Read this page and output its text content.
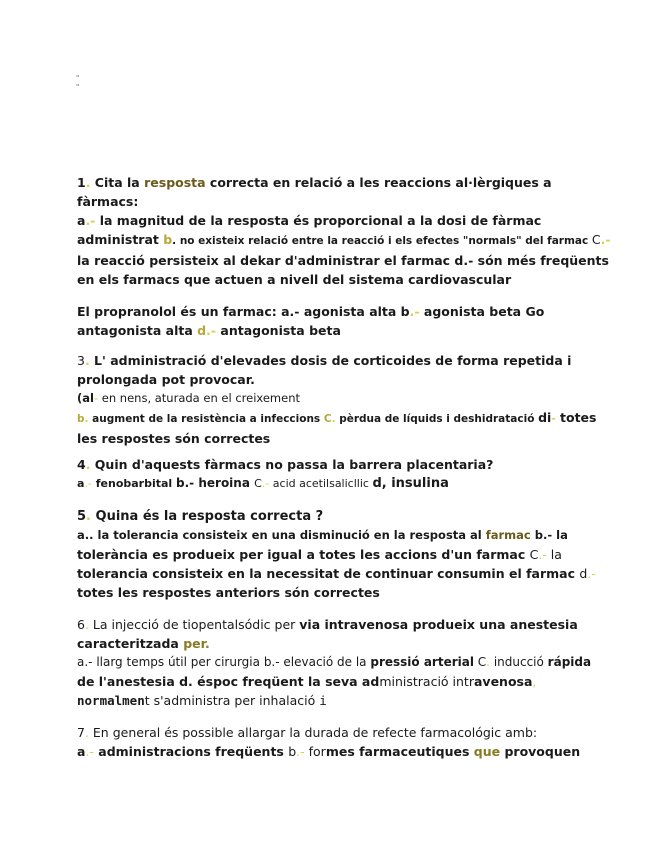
"
"
1. Cita la resposta correcta en relació a les reaccions al·lèrgiques a
fàrmacs:
a.- la magnitud de la resposta és proporcional a la dosi de fàrmac
administrat b. no existeix relació entre la reacció i els efectes "normals" del farmac C.-
la reacció persisteix al dekar d'administrar el farmac d.- són més freqüents
en els farmacs que actuen a nivell del sistema cardiovascular
El propranolol és un farmac: a.- agonista alta b.- agonista beta Go
antagonista alta d.- antagonista beta
3. L' administració d'elevades dosis de corticoides de forma repetida i
prolongada pot provocar.
(al- en nens, aturada en el creixement
b. augment de la resistència a infeccions C. pèrdua de líquids i deshidratació di- totes
les respostes són correctes
4. Quin d'aquests fàrmacs no passa la barrera placentaria?
a.- fenobarbital b.- heroina C.- acid acetilsalicllic d, insulina
5. Quina és la resposta correcta ?
a.. la tolerancia consisteix en una disminució en la resposta al farmac b.- la
tolerància es produeix per igual a totes les accions d'un farmac C.- la
tolerancia consisteix en la necessitat de continuar consumin el farmac d.-
totes les respostes anteriors són correctes
6. La injecció de tiopentalsódic per via intravenosa produeix una anestesia
caracteritzada per.
a.- llarg temps útil per cirurgia b.- elevació de la pressió arterial C. inducció rápida
de l'anestesia d. éspoc freqüent la seva administració intravenosa,
normalment s'administra per inhalació i
7. En general és possible allargar la durada de refecte farmacológic amb:
a.- administracions freqüents b.- formes farmaceutiques que provoquen
